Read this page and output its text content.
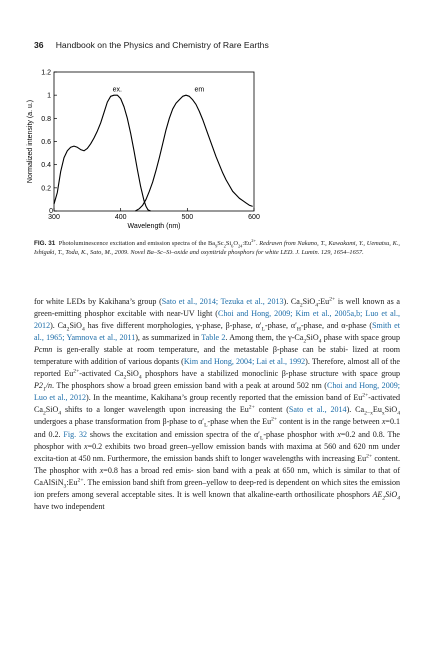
36 Handbook on the Physics and Chemistry of Rare Earths
300	400	500	600
0
0.2
0.4
0.6
0.8
1
1.2
Wavelength (nm)
Normalized intensity (a. u.)
ex.	em
FIG. 31 Photoluminescence excitation and emission spectra of the $Ba_9Sc_2Si_6O_{24}:Eu^{2+}$. Redrawn from Nakano, T., Kawakami, Y., Uematsu, K., Ishigaki, T., Toda, K., Sato, M., 2009. Novel Ba–Sc–Si–oxide and oxynitride phosphors for white LED. J. Lumin. 129, 1654–1657.

for white LEDs by Kakihana’s group (Sato et al., 2014; Tezuka et al., 2013). $Ca_2SiO_4:Eu^{2+}$ is well known as a green-emitting phosphor excitable with near-UV light (Choi and Hong, 2009; Kim et al., 2005a,b; Luo et al., 2012). $Ca_2SiO_4$ has five different morphologies, γ-phase, β-phase, $\alpha'_L$-phase, $\alpha'_H$-phase, and α-phase (Smith et al., 1965; Yamnova et al., 2011), as summarized in Table 2. Among them, the $\gamma-Ca_2SiO_4$ phase with space group Pcmn is gen-erally stable at room temperature, and the metastable β-phase can be stabi- lized at room temperature with addition of various dopants (Kim and Hong, 2004; Lai et al., 1992). Therefore, almost all of the reported $Eu^{2+}$-activated $Ca_2SiO_4$ phosphors have a stabilized monoclinic β-phase structure with space group $P2_1/n$. The phosphors show a broad green emission band with a peak at around 502 nm (Choi and Hong, 2009; Luo et al., 2012). In the meantime, Kakihana’s group recently reported that the emission band of $Eu^{2+}$-activated $Ca_2SiO_4$ shifts to a longer wavelength upon increasing the $Eu^{2+}$ content (Sato et al., 2014). $Ca_{2-x}Eu_xSiO_4$ undergoes a phase transformation from β-phase to $\alpha'_L$-phase when the $Eu^{2+}$ content is in the range between x=0.1 and 0.2. Fig. 32 shows the excitation and emission spectra of the $\alpha'_L$-phase phosphor with x=0.2 and 0.8. The phosphor with x=0.2 exhibits two broad green–yellow emission bands with maxima at 560 and 620 nm under excita-tion at 450 nm. Furthermore, the emission bands shift to longer wavelengths with increasing $Eu^{2+}$ content. The phosphor with x=0.8 has a broad red emis- sion band with a peak at 650 nm, which is similar to that of $CaAlSiN_3:Eu^{2+}$. The emission band shift from green–yellow to deep-red is dependent on which sites the emission ion prefers among several acceptable sites. It is well known that alkaline-earth orthosilicate phosphors $AE_2SiO_4$ have two independent
